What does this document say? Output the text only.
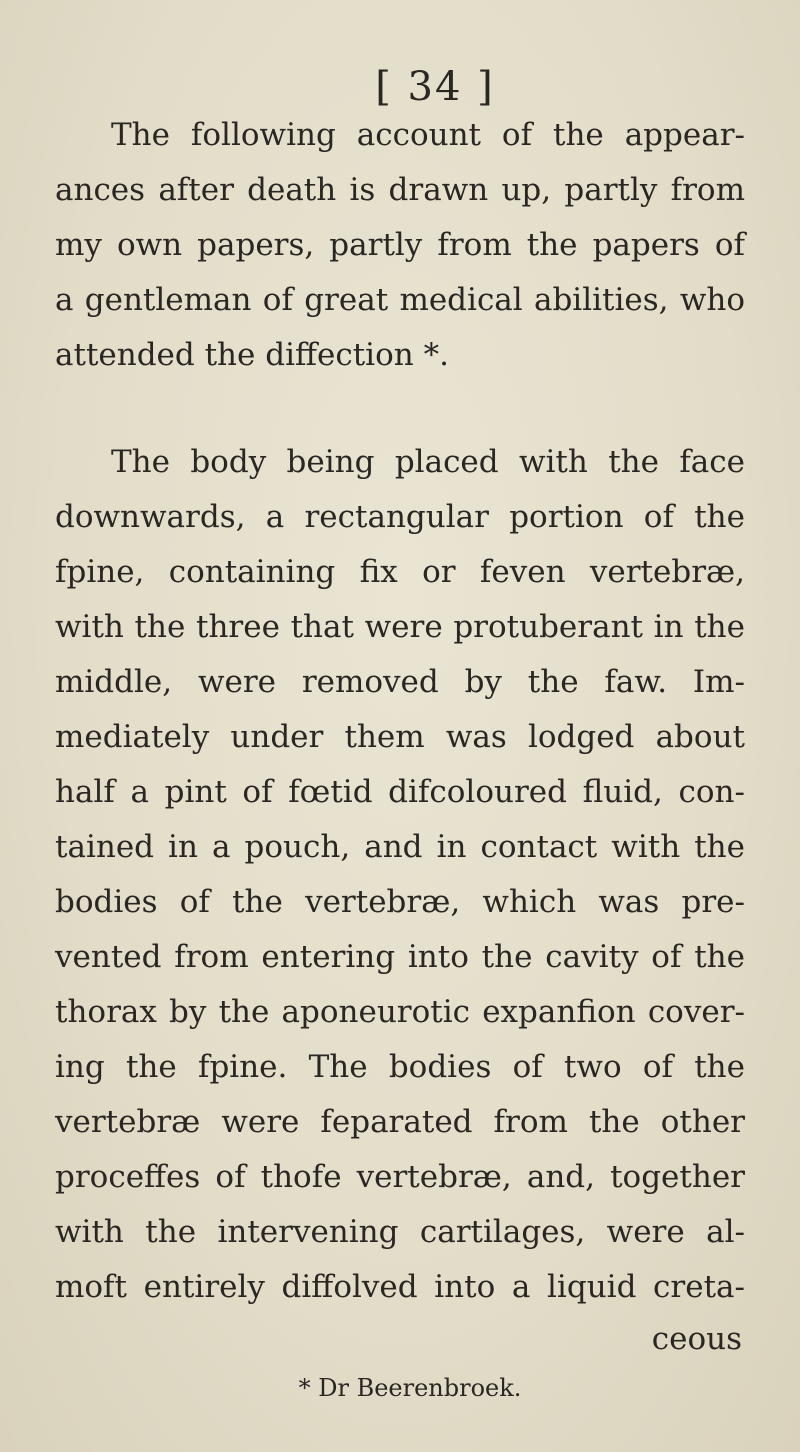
[ 34 ]
The following account of the appear-
ances after death is drawn up, partly from
my own papers, partly from the papers of
a gentleman of great medical abilities, who
attended the diffection *.
The body being placed with the face
downwards, a rectangular portion of the
fpine, containing fix or feven vertebræ,
with the three that were protuberant in the
middle, were removed by the faw. Im-
mediately under them was lodged about
half a pint of fœtid difcoloured fluid, con-
tained in a pouch, and in contact with the
bodies of the vertebræ, which was pre-
vented from entering into the cavity of the
thorax by the aponeurotic expanfion cover-
ing the fpine. The bodies of two of the
vertebræ were feparated from the other
proceffes of thofe vertebræ, and, together
with the intervening cartilages, were al-
moft entirely diffolved into a liquid creta-
ceous
* Dr Beerenbroek.
